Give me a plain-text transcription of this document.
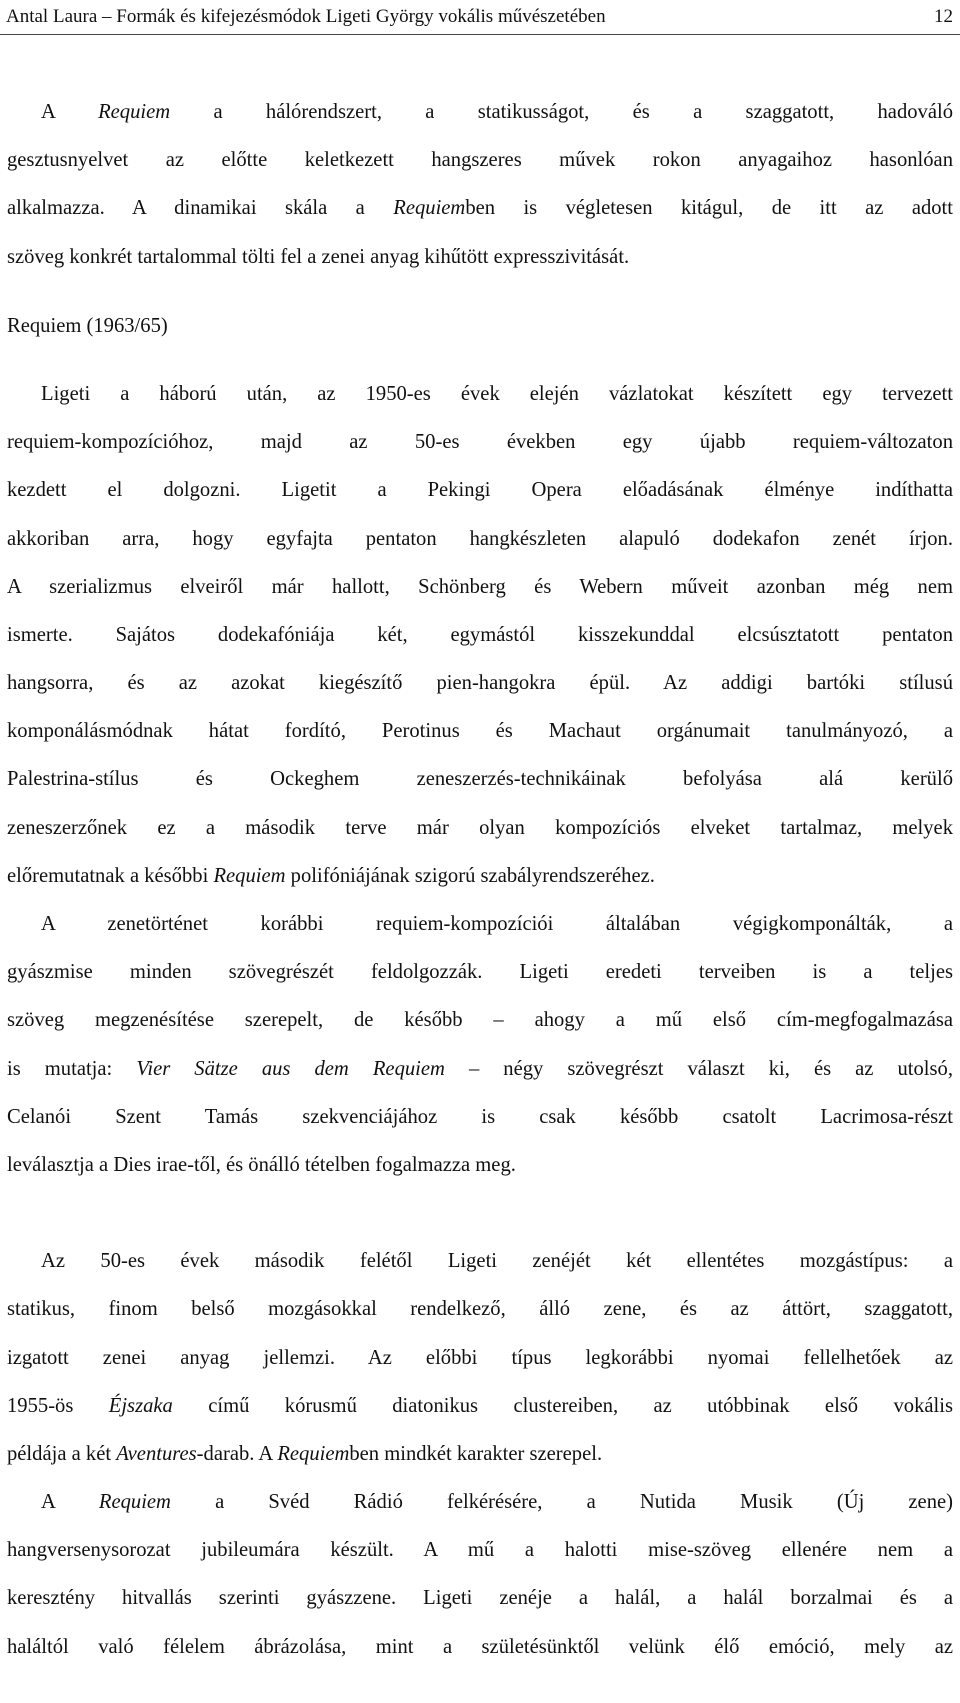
Antal Laura – Formák és kifejezésmódok Ligeti György vokális művészetében	12
A Requiem a hálórendszert, a statikusságot, és a szaggatott, hadováló
gesztusnyelvet az előtte keletkezett hangszeres művek rokon anyagaihoz hasonlóan
alkalmazza. A dinamikai skála a Requiemben is végletesen kitágul, de itt az adott
szöveg konkrét tartalommal tölti fel a zenei anyag kihűtött expresszivitását.
Requiem (1963/65)
Ligeti a háború után, az 1950-es évek elején vázlatokat készített egy tervezett
requiem-kompozícióhoz, majd az 50-es években egy újabb requiem-változaton
kezdett el dolgozni. Ligetit a Pekingi Opera előadásának élménye indíthatta
akkoriban arra, hogy egyfajta pentaton hangkészleten alapuló dodekafon zenét írjon.
A szerializmus elveiről már hallott, Schönberg és Webern műveit azonban még nem
ismerte. Sajátos dodekafóniája két, egymástól kisszekunddal elcsúsztatott pentaton
hangsorra, és az azokat kiegészítő pien-hangokra épül. Az addigi bartóki stílusú
komponálásmódnak hátat fordító, Perotinus és Machaut orgánumait tanulmányozó, a
Palestrina-stílus és Ockeghem zeneszerzés-technikáinak befolyása alá kerülő
zeneszerzőnek ez a második terve már olyan kompozíciós elveket tartalmaz, melyek
előremutatnak a későbbi Requiem polifóniájának szigorú szabályrendszeréhez.
A zenetörténet korábbi requiem-kompozíciói általában végigkomponálták, a
gyászmise minden szövegrészét feldolgozzák. Ligeti eredeti terveiben is a teljes
szöveg megzenésítése szerepelt, de később – ahogy a mű első cím-megfogalmazása
is mutatja: Vier Sätze aus dem Requiem – négy szövegrészt választ ki, és az utolsó,
Celanói Szent Tamás szekvenciájához is csak később csatolt Lacrimosa-részt
leválasztja a Dies irae-től, és önálló tételben fogalmazza meg.
Az 50-es évek második felétől Ligeti zenéjét két ellentétes mozgástípus: a
statikus, finom belső mozgásokkal rendelkező, álló zene, és az áttört, szaggatott,
izgatott zenei anyag jellemzi. Az előbbi típus legkorábbi nyomai fellelhetőek az
1955-ös Éjszaka című kórusmű diatonikus clustereiben, az utóbbinak első vokális
példája a két Aventures-darab. A Requiemben mindkét karakter szerepel.
A Requiem a Svéd Rádió felkérésére, a Nutida Musik (Új zene)
hangversenysorozat jubileumára készült. A mű a halotti mise-szöveg ellenére nem a
keresztény hitvallás szerinti gyászzene. Ligeti zenéje a halál, a halál borzalmai és a
haláltól való félelem ábrázolása, mint a születésünktől velünk élő emóció, mely az
